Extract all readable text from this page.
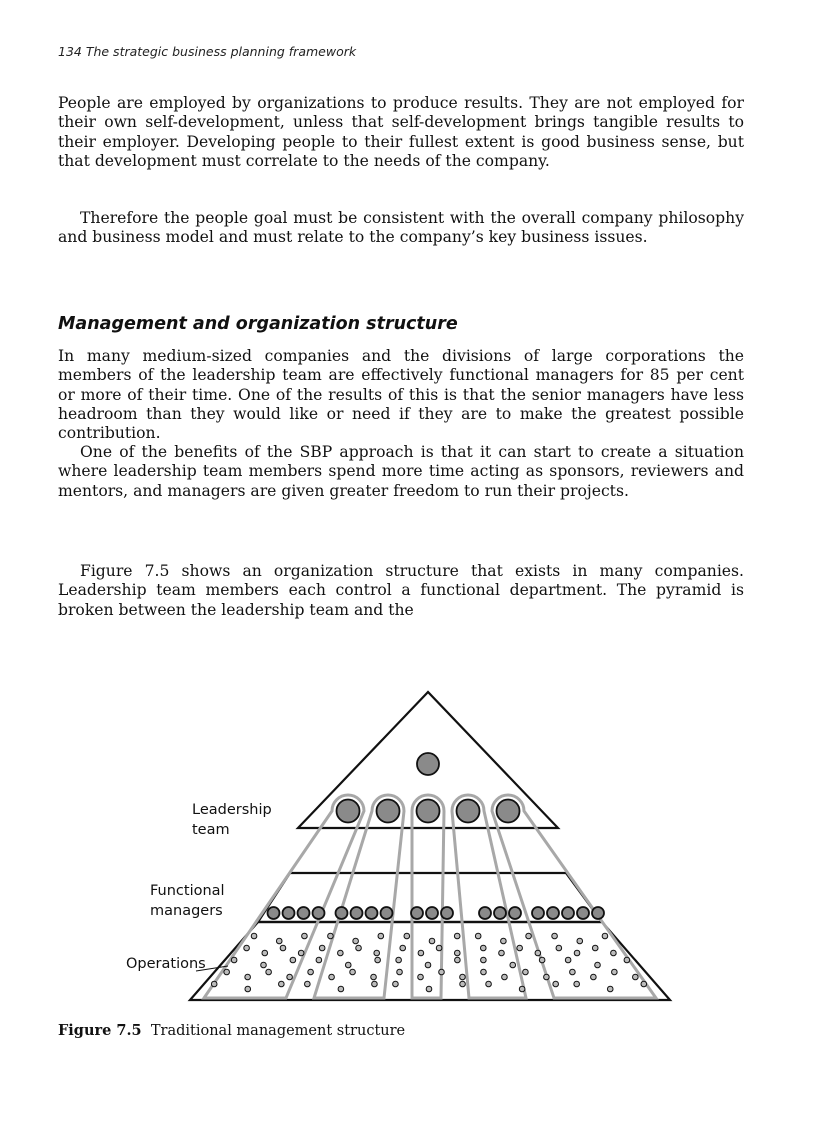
134 The strategic business planning framework

People are employed by organizations to produce results. They are not employed for their own self-development, unless that self-development brings tangible results to their employer. Developing people to their fullest extent is good business sense, but that development must correlate to the needs of the company.

Therefore the people goal must be consistent with the overall company philosophy and business model and must relate to the company’s key business issues.

Management and organization structure

In many medium-sized companies and the divisions of large corporations the members of the leadership team are effectively functional managers for 85 per cent or more of their time. One of the results of this is that the senior managers have less headroom than they would like or need if they are to make the greatest possible contribution.

One of the benefits of the SBP approach is that it can start to create a situation where leadership team members spend more time acting as sponsors, reviewers and mentors, and managers are given greater freedom to run their projects.

Figure 7.5 shows an organization structure that exists in many companies. Leadership team members each control a functional department. The pyramid is broken between the leadership team and the

Leadership
team
Functional
managers
Operations

Figure 7.5 Traditional management structure
